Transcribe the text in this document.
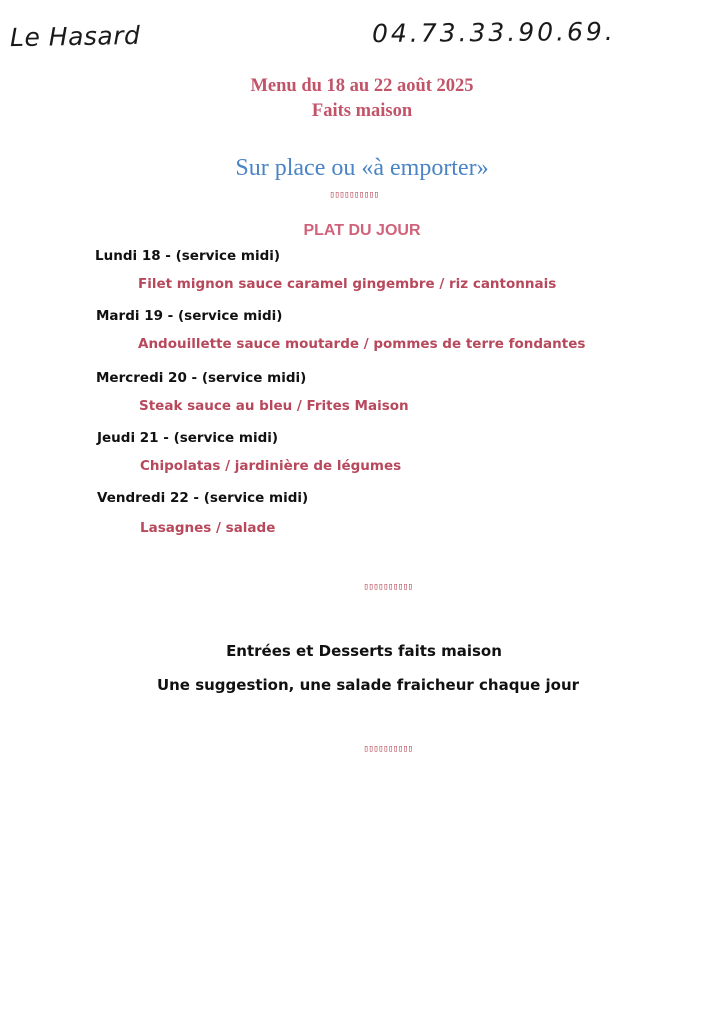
Le Hasard	04.73.33.90.69.
Menu du 18 au 22 août 2025
Faits maison
Sur place ou «à emporter»
▯▯▯▯▯▯▯▯▯▯
PLAT DU JOUR
Lundi 18 - (service midi)
Filet mignon sauce caramel gingembre / riz cantonnais
Mardi 19 - (service midi)
Andouillette sauce moutarde / pommes de terre fondantes
Mercredi 20 - (service midi)
Steak sauce au bleu / Frites Maison
Jeudi 21 - (service midi)
Chipolatas / jardinière de légumes
Vendredi 22 - (service midi)
Lasagnes / salade
▯▯▯▯▯▯▯▯▯▯
Entrées et Desserts faits maison
Une suggestion, une salade fraicheur chaque jour
▯▯▯▯▯▯▯▯▯▯
